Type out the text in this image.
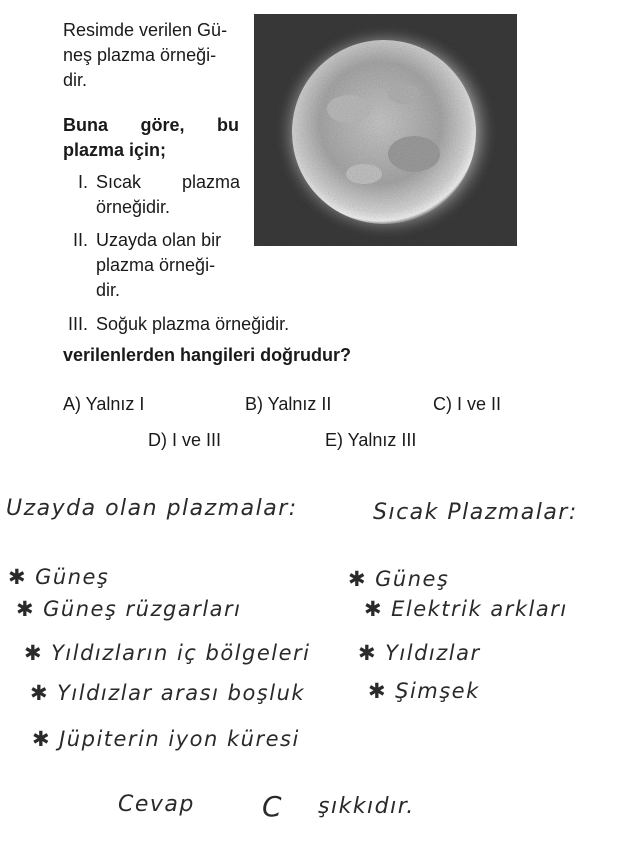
Resimde verilen Gü-

neş plazma örneği-

dir.

Buna göre, bu

plazma için;

I. Sıcak plazma

örneğidir.

II. Uzayda olan bir

plazma örneği-

dir.

III. Soğuk plazma örneğidir.

verilenlerden hangileri doğrudur?

A) Yalnız I	B) Yalnız II	C) I ve II
D) I ve III	E) Yalnız III
Uzayda olan plazmalar:	Sıcak Plazmalar:
✱ Güneş
✱ Güneş rüzgarları
✱ Yıldızların iç bölgeleri
✱ Yıldızlar arası boşluk
✱ Jüpiterin iyon küresi
✱ Güneş
✱ Elektrik arkları
✱ Yıldızlar
✱ Şimşek
Cevap C şıkkıdır.
